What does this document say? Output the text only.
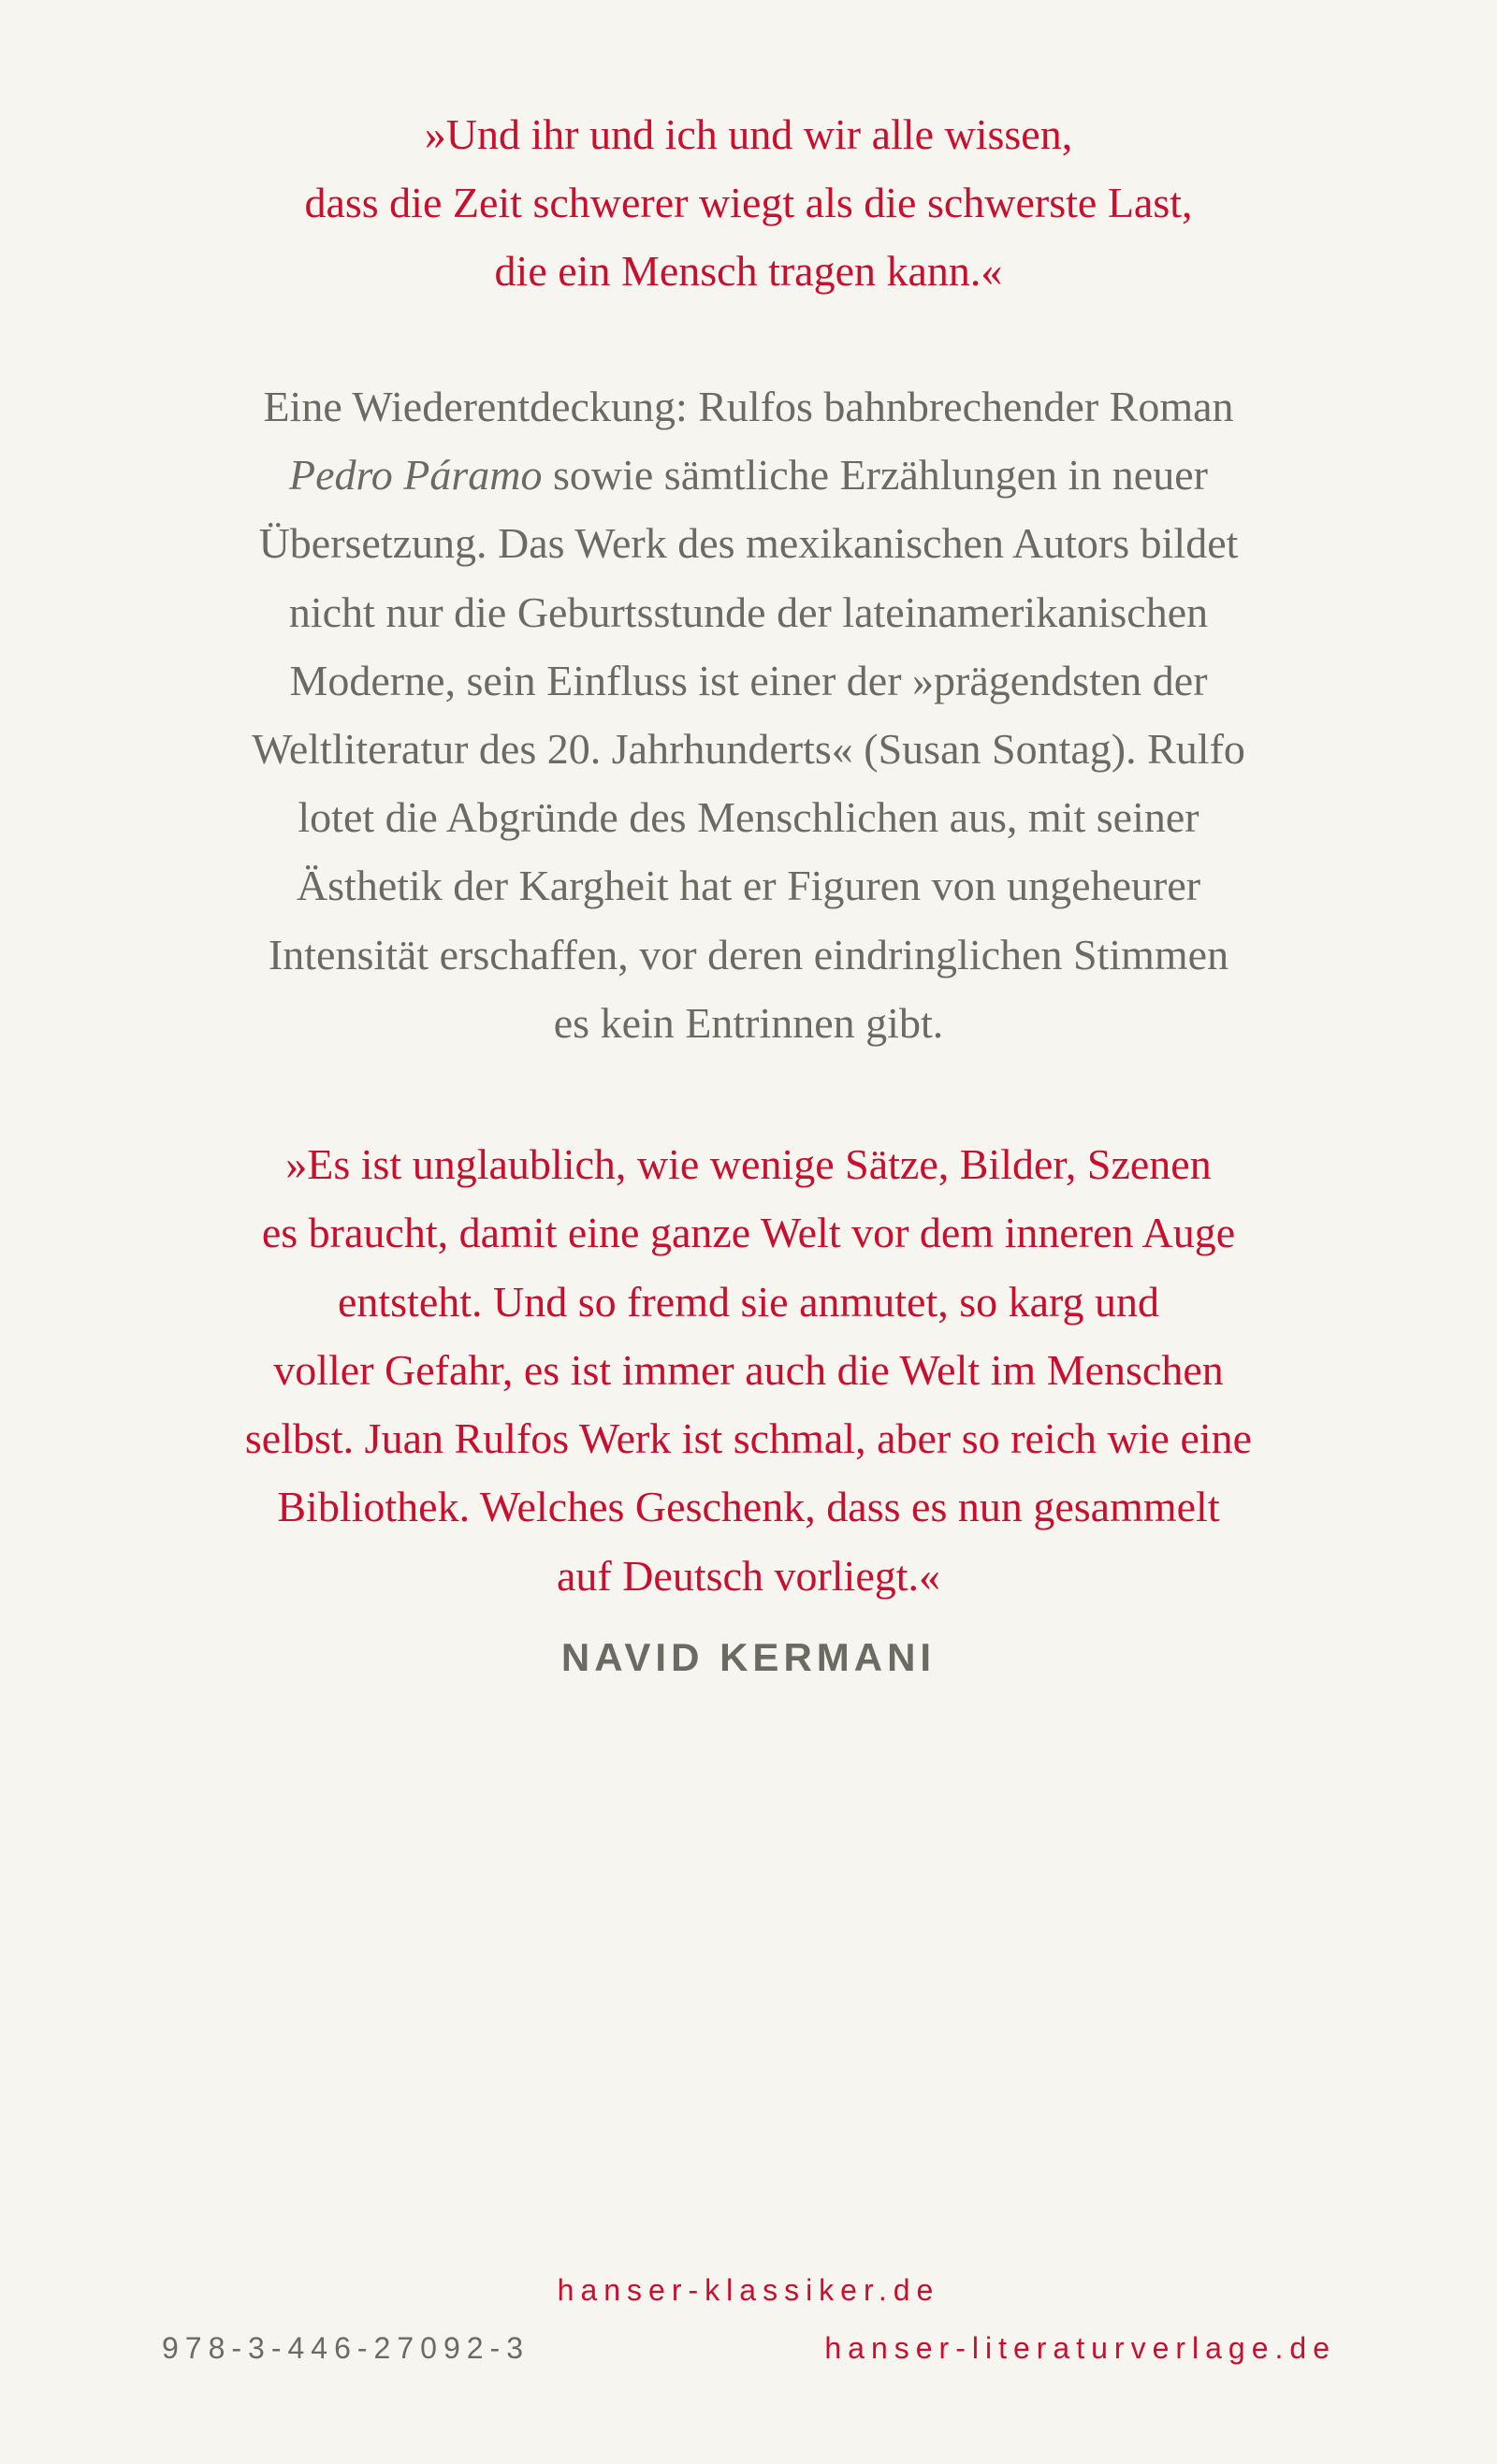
»Und ihr und ich und wir alle wissen,
dass die Zeit schwerer wiegt als die schwerste Last,
die ein Mensch tragen kann.«
Eine Wiederentdeckung: Rulfos bahnbrechender Roman
Pedro Páramo sowie sämtliche Erzählungen in neuer
Übersetzung. Das Werk des mexikanischen Autors bildet
nicht nur die Geburtsstunde der lateinamerikanischen
Moderne, sein Einfluss ist einer der »prägendsten der
Weltliteratur des 20. Jahrhunderts« (Susan Sontag). Rulfo
lotet die Abgründe des Menschlichen aus, mit seiner
Ästhetik der Kargheit hat er Figuren von ungeheurer
Intensität erschaffen, vor deren eindringlichen Stimmen
es kein Entrinnen gibt.
»Es ist unglaublich, wie wenige Sätze, Bilder, Szenen
es braucht, damit eine ganze Welt vor dem inneren Auge
entsteht. Und so fremd sie anmutet, so karg und
voller Gefahr, es ist immer auch die Welt im Menschen
selbst. Juan Rulfos Werk ist schmal, aber so reich wie eine
Bibliothek. Welches Geschenk, dass es nun gesammelt
auf Deutsch vorliegt.«
NAVID KERMANI
hanser-klassiker.de
978-3-446-27092-3	hanser-literaturverlage.de
